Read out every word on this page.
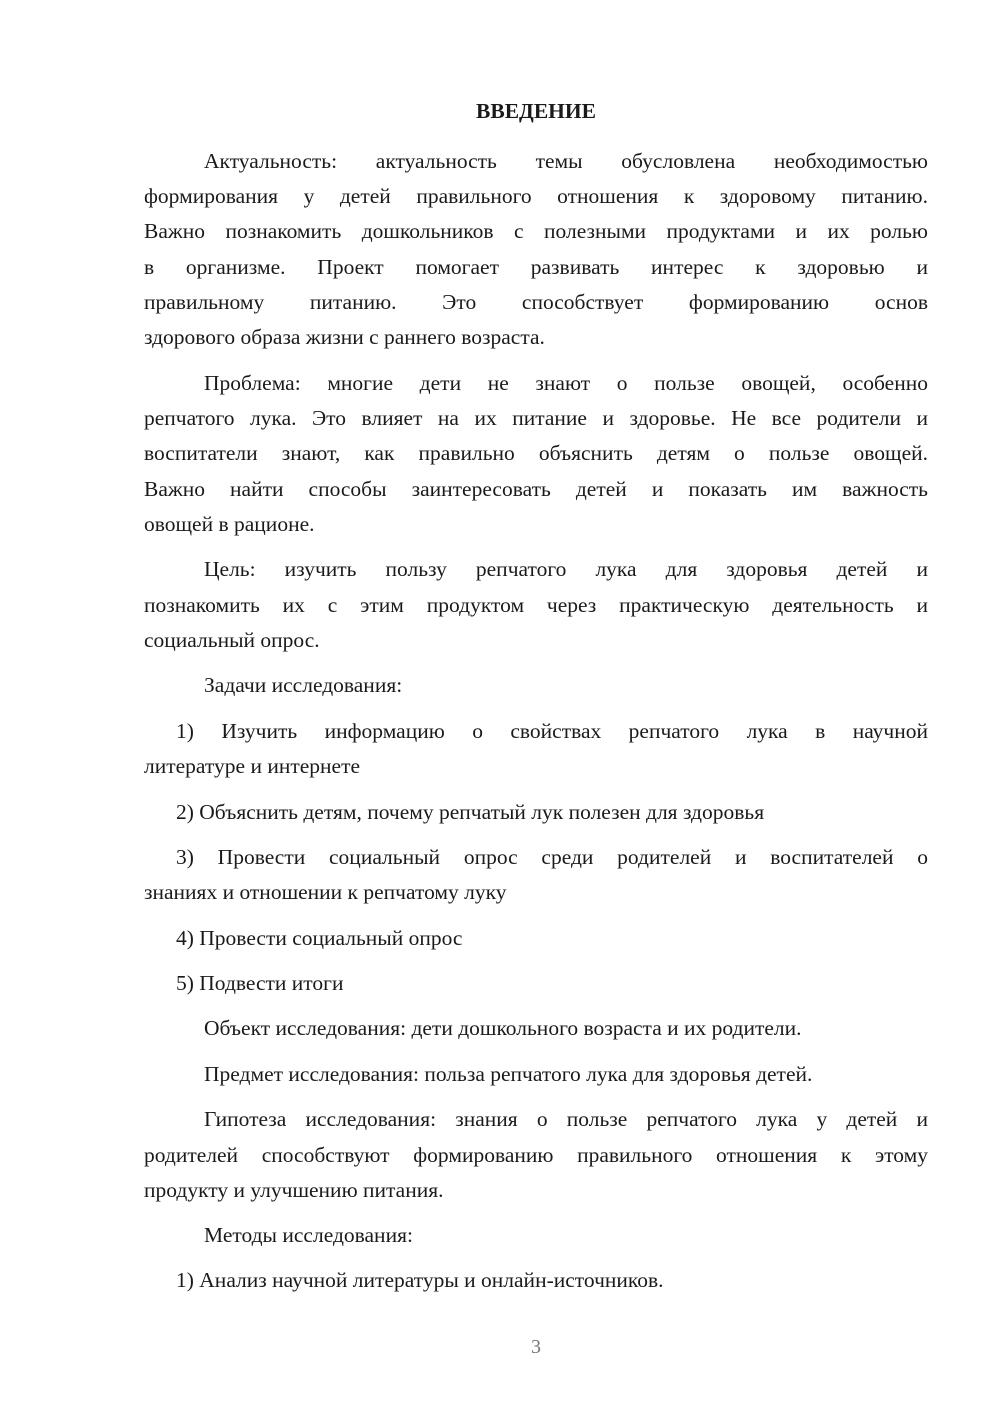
ВВЕДЕНИЕ
Актуальность: актуальность темы обусловлена необходимостью
формирования у детей правильного отношения к здоровому питанию.
Важно познакомить дошкольников с полезными продуктами и их ролью
в организме. Проект помогает развивать интерес к здоровью и
правильному питанию. Это способствует формированию основ
здорового образа жизни с раннего возраста.
Проблема: многие дети не знают о пользе овощей, особенно
репчатого лука. Это влияет на их питание и здоровье. Не все родители и
воспитатели знают, как правильно объяснить детям о пользе овощей.
Важно найти способы заинтересовать детей и показать им важность
овощей в рационе.
Цель: изучить пользу репчатого лука для здоровья детей и
познакомить их с этим продуктом через практическую деятельность и
социальный опрос.
Задачи исследования:
1) Изучить информацию о свойствах репчатого лука в научной
литературе и интернете
2) Объяснить детям, почему репчатый лук полезен для здоровья
3) Провести социальный опрос среди родителей и воспитателей о
знаниях и отношении к репчатому луку
4) Провести социальный опрос
5) Подвести итоги
Объект исследования: дети дошкольного возраста и их родители.
Предмет исследования: польза репчатого лука для здоровья детей.
Гипотеза исследования: знания о пользе репчатого лука у детей и
родителей способствуют формированию правильного отношения к этому
продукту и улучшению питания.
Методы исследования:
1) Анализ научной литературы и онлайн-источников.
3
